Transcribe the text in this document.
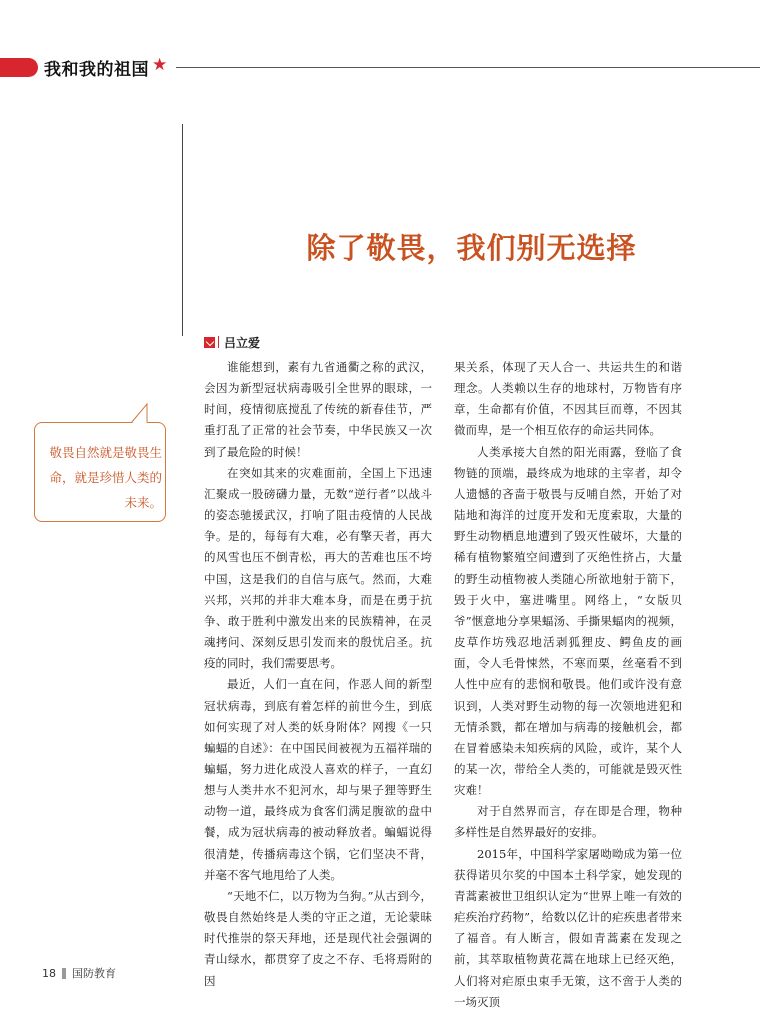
我和我的祖国 ★
除了敬畏，我们别无选择
吕立爱
敬畏自然就是敬畏生命，就是珍惜人类的未来。

谁能想到，素有九省通衢之称的武汉，会因为新型冠状病毒吸引全世界的眼球，一时间，疫情彻底搅乱了传统的新春佳节，严重打乱了正常的社会节奏，中华民族又一次到了最危险的时候！

在突如其来的灾难面前，全国上下迅速汇聚成一股磅礴力量，无数“逆行者”以战斗的姿态驰援武汉，打响了阻击疫情的人民战争。是的，每每有大难，必有擎天者，再大的风雪也压不倒青松，再大的苦难也压不垮中国，这是我们的自信与底气。然而，大难兴邦，兴邦的并非大难本身，而是在勇于抗争、敢于胜利中激发出来的民族精神，在灵魂拷问、深刻反思引发而来的殷忧启圣。抗疫的同时，我们需要思考。

最近，人们一直在问，作恶人间的新型冠状病毒，到底有着怎样的前世今生，到底如何实现了对人类的妖身附体？网搜《一只蝙蝠的自述》：在中国民间被视为五福祥瑞的蝙蝠，努力进化成没人喜欢的样子，一直幻想与人类井水不犯河水，却与果子狸等野生动物一道，最终成为食客们满足腹欲的盘中餐，成为冠状病毒的被动释放者。蝙蝠说得很清楚，传播病毒这个锅，它们坚决不背，并毫不客气地甩给了人类。

“天地不仁，以万物为刍狗。”从古到今，敬畏自然始终是人类的守正之道，无论蒙昧时代推崇的祭天拜地，还是现代社会强调的青山绿水，都贯穿了皮之不存、毛将焉附的因

果关系，体现了天人合一、共运共生的和谐理念。人类赖以生存的地球村，万物皆有序章，生命都有价值，不因其巨而尊，不因其微而卑，是一个相互依存的命运共同体。

人类承接大自然的阳光雨露，登临了食物链的顶端，最终成为地球的主宰者，却令人遗憾的吝啬于敬畏与反哺自然，开始了对陆地和海洋的过度开发和无度索取，大量的野生动物栖息地遭到了毁灭性破坏，大量的稀有植物繁殖空间遭到了灭绝性挤占，大量的野生动植物被人类随心所欲地射于箭下，毁于火中，塞进嘴里。网络上，“女版贝爷”惬意地分享果蝠汤、手撕果蝠肉的视频，皮草作坊残忍地活剥狐狸皮、鳄鱼皮的画面，令人毛骨悚然，不寒而栗，丝毫看不到人性中应有的悲悯和敬畏。他们或许没有意识到，人类对野生动物的每一次领地进犯和无情杀戮，都在增加与病毒的接触机会，都在冒着感染未知疾病的风险，或许，某个人的某一次，带给全人类的，可能就是毁灭性灾难！

对于自然界而言，存在即是合理，物种多样性是自然界最好的安排。

2015年，中国科学家屠呦呦成为第一位获得诺贝尔奖的中国本土科学家，她发现的青蒿素被世卫组织认定为“世界上唯一有效的疟疾治疗药物”，给数以亿计的疟疾患者带来了福音。有人断言，假如青蒿素在发现之前，其萃取植物黄花蒿在地球上已经灭绝，人们将对疟原虫束手无策，这不啻于人类的一场灭顶

18 国防教育
